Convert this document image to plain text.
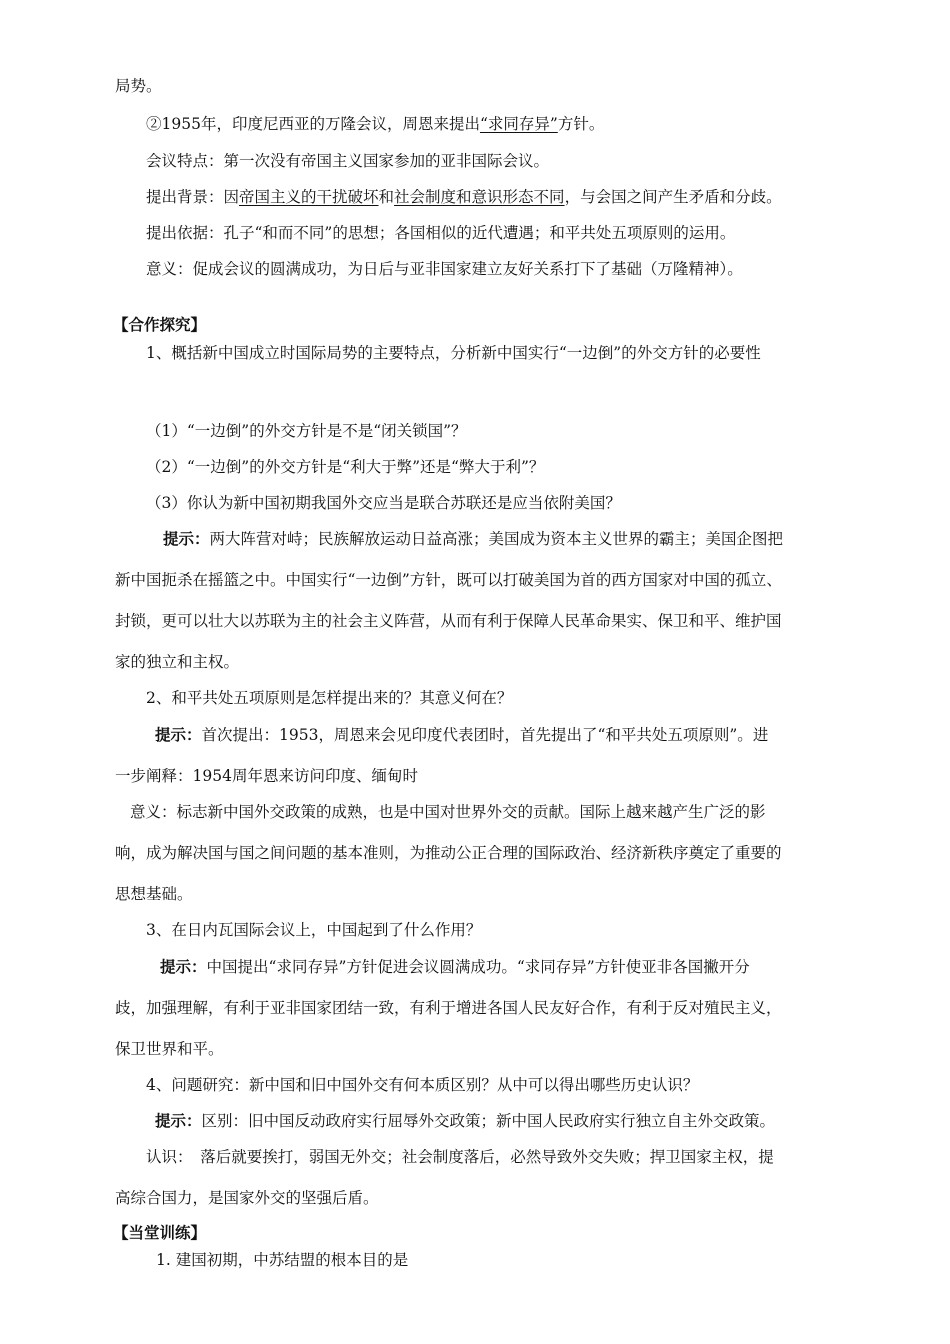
局势。
②1955年，印度尼西亚的万隆会议，周恩来提出“求同存异”方针。
会议特点：第一次没有帝国主义国家参加的亚非国际会议。
提出背景：因帝国主义的干扰破坏和社会制度和意识形态不同，与会国之间产生矛盾和分歧。
提出依据：孔子“和而不同”的思想；各国相似的近代遭遇；和平共处五项原则的运用。
意义：促成会议的圆满成功，为日后与亚非国家建立友好关系打下了基础（万隆精神）。
【合作探究】
1、概括新中国成立时国际局势的主要特点，分析新中国实行“一边倒”的外交方针的必要性
（1）“一边倒”的外交方针是不是“闭关锁国”？
（2）“一边倒”的外交方针是“利大于弊”还是“弊大于利”？
（3）你认为新中国初期我国外交应当是联合苏联还是应当依附美国？
提示：两大阵营对峙；民族解放运动日益高涨；美国成为资本主义世界的霸主；美国企图把
新中国扼杀在摇篮之中。中国实行“一边倒”方针，既可以打破美国为首的西方国家对中国的孤立、
封锁，更可以壮大以苏联为主的社会主义阵营，从而有利于保障人民革命果实、保卫和平、维护国
家的独立和主权。
2、和平共处五项原则是怎样提出来的？其意义何在？
提示：首次提出：1953，周恩来会见印度代表团时，首先提出了“和平共处五项原则”。进
一步阐释：1954周年恩来访问印度、缅甸时
意义：标志新中国外交政策的成熟，也是中国对世界外交的贡献。国际上越来越产生广泛的影
响，成为解决国与国之间问题的基本准则，为推动公正合理的国际政治、经济新秩序奠定了重要的
思想基础。
3、在日内瓦国际会议上，中国起到了什么作用？
提示：中国提出“求同存异”方针促进会议圆满成功。“求同存异”方针使亚非各国撇开分
歧，加强理解，有利于亚非国家团结一致，有利于增进各国人民友好合作，有利于反对殖民主义，
保卫世界和平。
4、问题研究：新中国和旧中国外交有何本质区别？从中可以得出哪些历史认识？
提示：区别：旧中国反动政府实行屈辱外交政策；新中国人民政府实行独立自主外交政策。
认识：　落后就要挨打，弱国无外交；社会制度落后，必然导致外交失败；捍卫国家主权，提
高综合国力，是国家外交的坚强后盾。
【当堂训练】
1. 建国初期，中苏结盟的根本目的是
